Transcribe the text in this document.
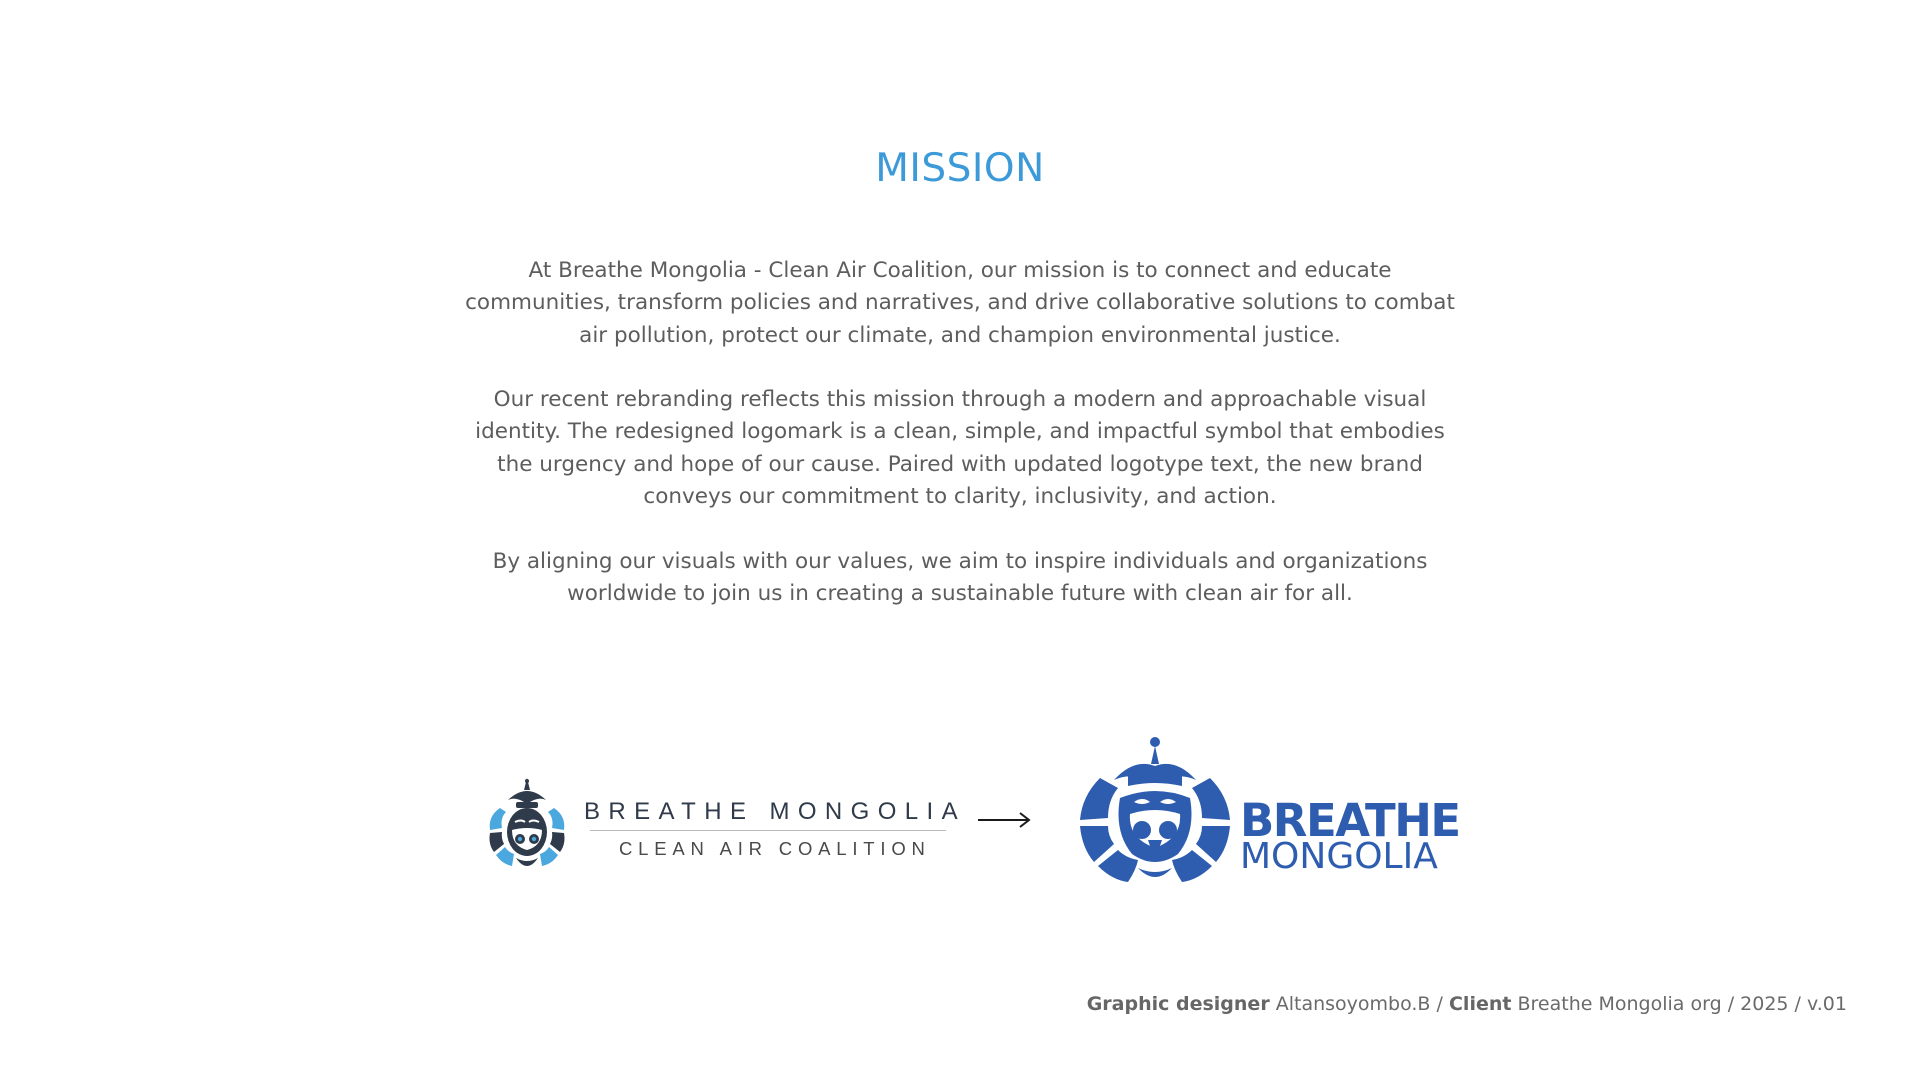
MISSION

At Breathe Mongolia - Clean Air Coalition, our mission is to connect and educate communities, transform policies and narratives, and drive collaborative solutions to combat air pollution, protect our climate, and champion environmental justice.

Our recent rebranding reflects this mission through a modern and approachable visual identity. The redesigned logomark is a clean, simple, and impactful symbol that embodies the urgency and hope of our cause. Paired with updated logotype text, the new brand conveys our commitment to clarity, inclusivity, and action.

By aligning our visuals with our values, we aim to inspire individuals and organizations worldwide to join us in creating a sustainable future with clean air for all.

BREATHE MONGOLIA
CLEAN AIR COALITION
BREATHE
MONGOLIA
Graphic designer Altansoyombo.B / Client Breathe Mongolia org / 2025 / v.01
